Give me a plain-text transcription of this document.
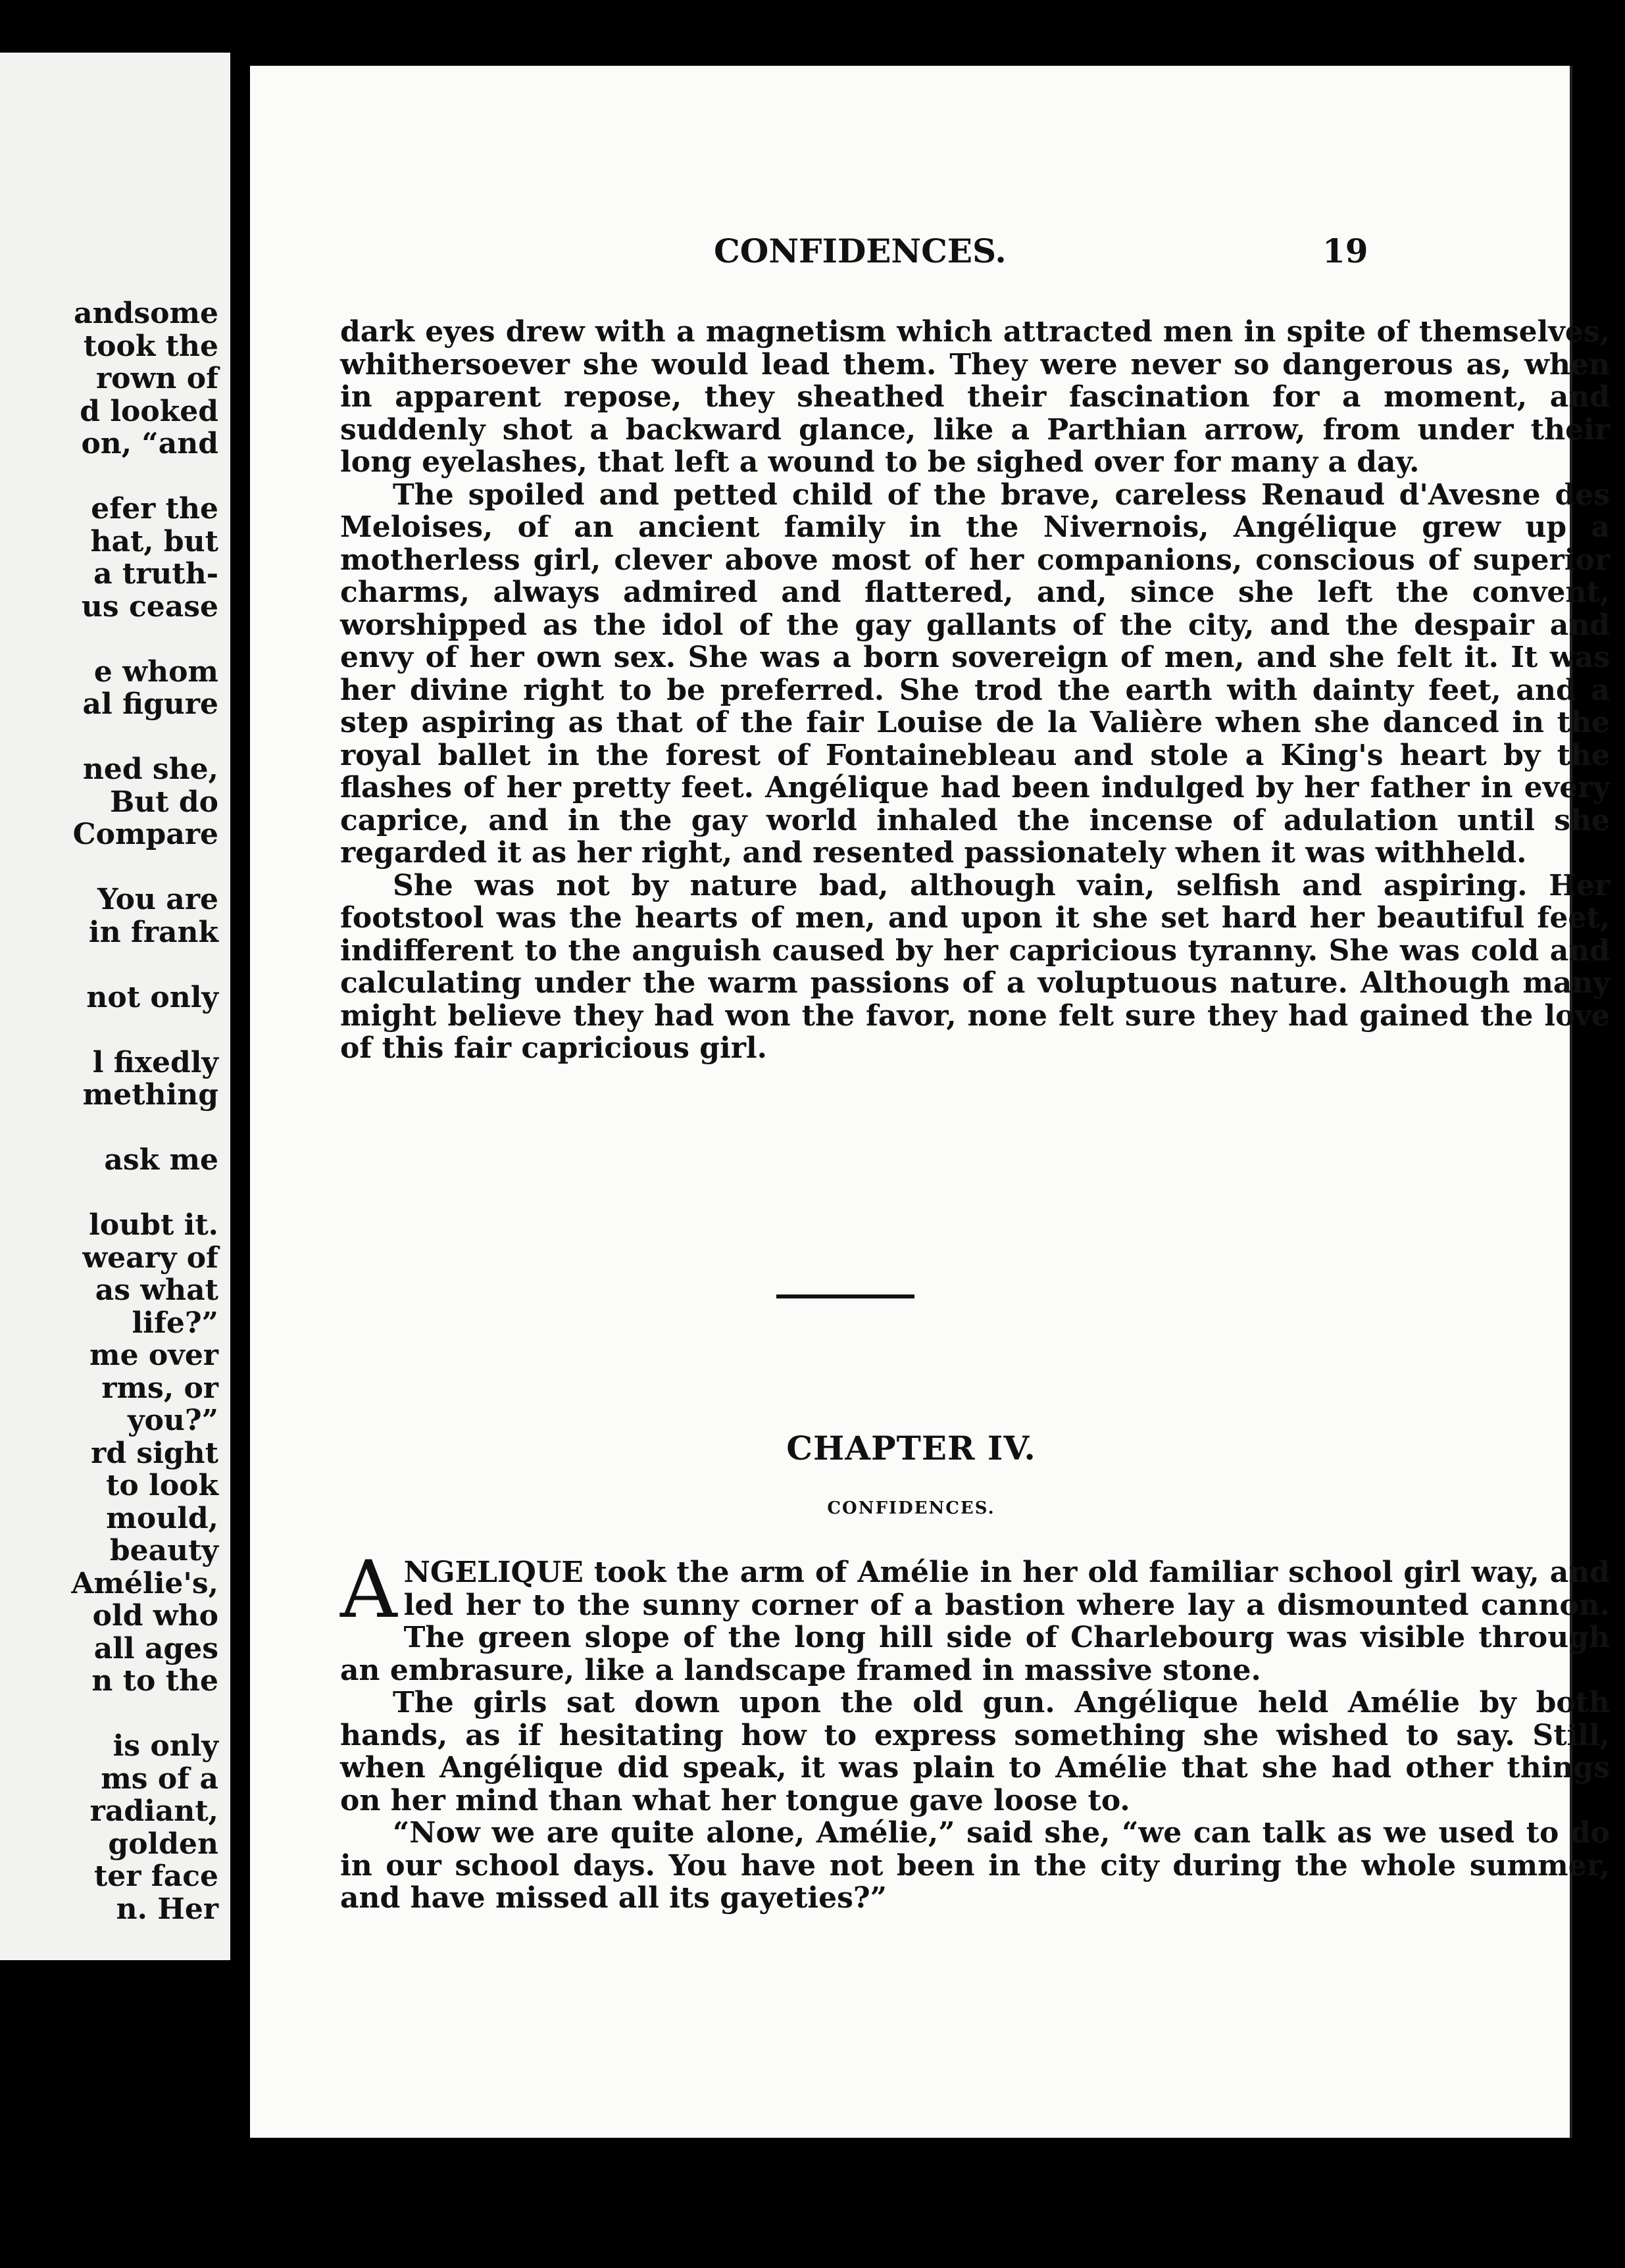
andsome
took the
rown of
d looked
on, “and
efer the
hat, but
a truth-
us cease
e whom
al figure
ned she,
But do
Compare
You are
in frank
not only
l fixedly
mething
ask me
loubt it.
weary of
as what
life?”
me over
rms, or
you?”
rd sight
to look
mould,
beauty
Amélie's,
old who
all ages
n to the
is only
ms of a
radiant,
golden
ter face
n. Her
CONFIDENCES.	19

dark eyes drew with a magnetism which attracted men in spite of themselves, whithersoever she would lead them. They were never so dangerous as, when in apparent repose, they sheathed their fascination for a moment, and suddenly shot a backward glance, like a Parthian arrow, from under their long eyelashes, that left a wound to be sighed over for many a day.

The spoiled and petted child of the brave, careless Renaud d'Avesne des Meloises, of an ancient family in the Nivernois, Angélique grew up a motherless girl, clever above most of her companions, conscious of superior charms, always admired and flattered, and, since she left the convent, worshipped as the idol of the gay gallants of the city, and the despair and envy of her own sex. She was a born sovereign of men, and she felt it. It was her divine right to be preferred. She trod the earth with dainty feet, and a step aspiring as that of the fair Louise de la Valière when she danced in the royal ballet in the forest of Fontainebleau and stole a King's heart by the flashes of her pretty feet. Angélique had been indulged by her father in every caprice, and in the gay world inhaled the incense of adulation until she regarded it as her right, and resented passionately when it was withheld.

She was not by nature bad, although vain, selfish and aspiring. Her footstool was the hearts of men, and upon it she set hard her beautiful feet, indifferent to the anguish caused by her capricious tyranny. She was cold and calculating under the warm passions of a voluptuous nature. Although many might believe they had won the favor, none felt sure they had gained the love of this fair capricious girl.

CHAPTER IV.
CONFIDENCES.

ANGELIQUE took the arm of Amélie in her old familiar school girl way, and led her to the sunny corner of a bastion where lay a dismounted cannon. The green slope of the long hill side of Charlebourg was visible through an embrasure, like a landscape framed in massive stone.

The girls sat down upon the old gun. Angélique held Amélie by both hands, as if hesitating how to express something she wished to say. Still, when Angélique did speak, it was plain to Amélie that she had other things on her mind than what her tongue gave loose to.

“Now we are quite alone, Amélie,” said she, “we can talk as we used to do in our school days. You have not been in the city during the whole summer, and have missed all its gayeties?”
